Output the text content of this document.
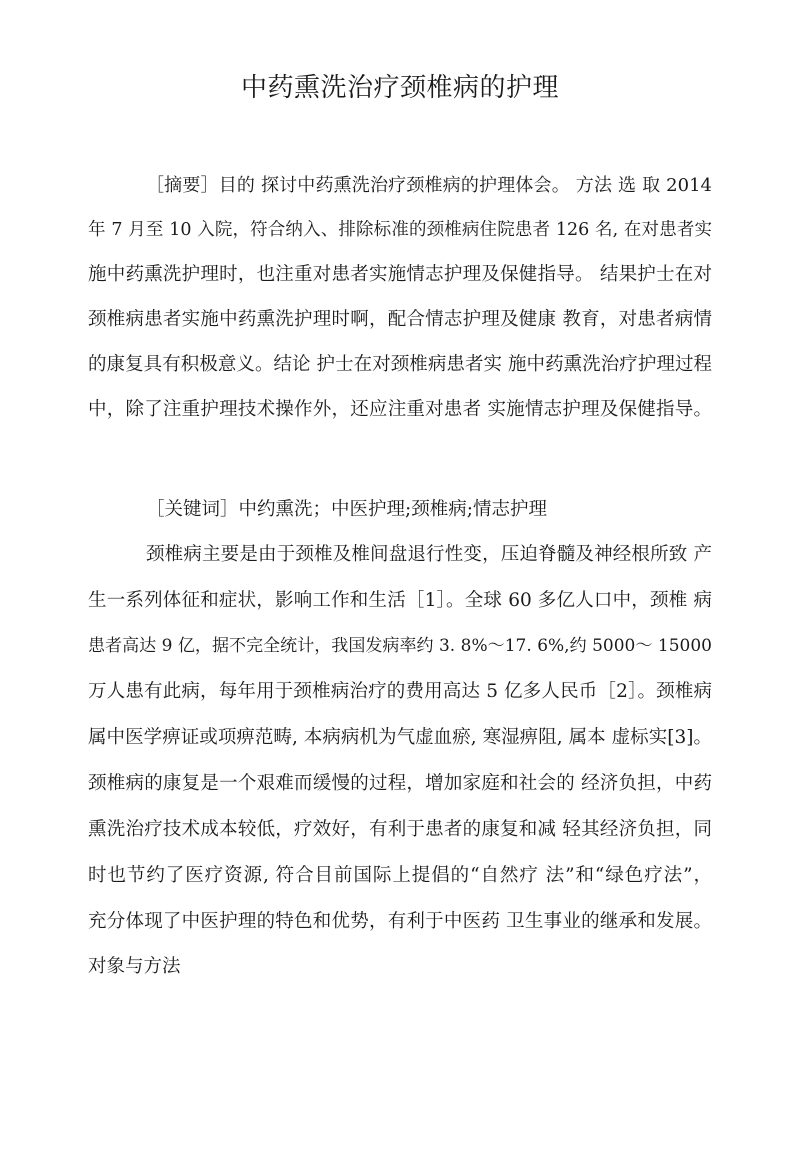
中药熏洗治疗颈椎病的护理
［摘要］目的 探讨中药熏洗治疗颈椎病的护理体会。 方法 选 取 2014
年 7 月至 10 入院，符合纳入、排除标准的颈椎病住院患者 126 名, 在对患者实
施中药熏洗护理时，也注重对患者实施情志护理及保健指导。 结果护士在对
颈椎病患者实施中药熏洗护理时啊，配合情志护理及健康 教育，对患者病情
的康复具有积极意义。结论 护士在对颈椎病患者实 施中药熏洗治疗护理过程
中，除了注重护理技术操作外，还应注重对患者 实施情志护理及保健指导。
［关键词］中约熏洗；中医护理;颈椎病;情志护理
颈椎病主要是由于颈椎及椎间盘退行性变，压迫脊髓及神经根所致 产
生一系列体征和症状，影响工作和生活［1］。全球 60 多亿人口中，颈椎 病
患者高达 9 亿，据不完全统计，我国发病率约 3. 8%～17. 6%,约 5000～ 15000
万人患有此病，每年用于颈椎病治疗的费用高达 5 亿多人民币［2］。颈椎病
属中医学痹证或项痹范畴, 本病病机为气虚血瘀, 寒湿痹阻, 属本 虚标实[3]。
颈椎病的康复是一个艰难而缓慢的过程，增加家庭和社会的 经济负担，中药
熏洗治疗技术成本较低，疗效好，有利于患者的康复和减 轻其经济负担，同
时也节约了医疗资源, 符合目前国际上提倡的“自然疗 法”和“绿色疗法”，
充分体现了中医护理的特色和优势，有利于中医药 卫生事业的继承和发展。
对象与方法
